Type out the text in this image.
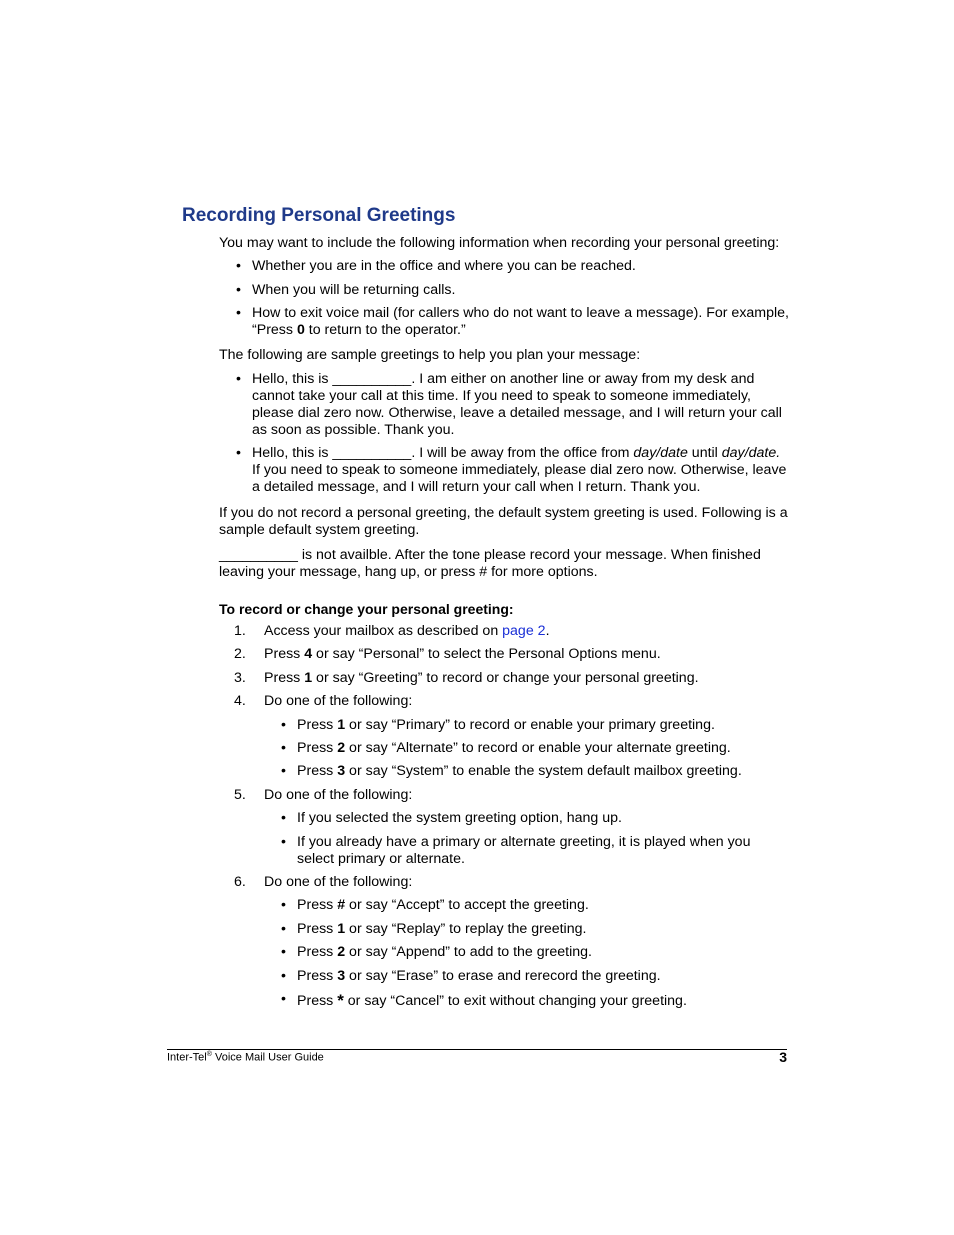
Recording Personal Greetings

You may want to include the following information when recording your personal greeting:

• Whether you are in the office and where you can be reached.
• When you will be returning calls.
• How to exit voice mail (for callers who do not want to leave a message). For example,
“Press 0 to return to the operator.”

The following are sample greetings to help you plan your message:

• Hello, this is __________. I am either on another line or away from my desk and
cannot take your call at this time. If you need to speak to someone immediately,
please dial zero now. Otherwise, leave a detailed message, and I will return your call
as soon as possible. Thank you.
• Hello, this is __________. I will be away from the office from day/date until day/date.
If you need to speak to someone immediately, please dial zero now. Otherwise, leave
a detailed message, and I will return your call when I return. Thank you.
If you do not record a personal greeting, the default system greeting is used. Following is a
sample default system greeting.
__________ is not availble. After the tone please record your message. When finished
leaving your message, hang up, or press # for more options.

To record or change your personal greeting:

1. Access your mailbox as described on page 2.
2. Press 4 or say “Personal” to select the Personal Options menu.
3. Press 1 or say “Greeting” to record or change your personal greeting.
4. Do one of the following:
• Press 1 or say “Primary” to record or enable your primary greeting.
• Press 2 or say “Alternate” to record or enable your alternate greeting.
• Press 3 or say “System” to enable the system default mailbox greeting.
5. Do one of the following:
• If you selected the system greeting option, hang up.
• If you already have a primary or alternate greeting, it is played when you
select primary or alternate.
6. Do one of the following:
• Press # or say “Accept” to accept the greeting.
• Press 1 or say “Replay” to replay the greeting.
• Press 2 or say “Append” to add to the greeting.
• Press 3 or say “Erase” to erase and rerecord the greeting.
• Press * or say “Cancel” to exit without changing your greeting.
Inter-Tel® Voice Mail User Guide	3
